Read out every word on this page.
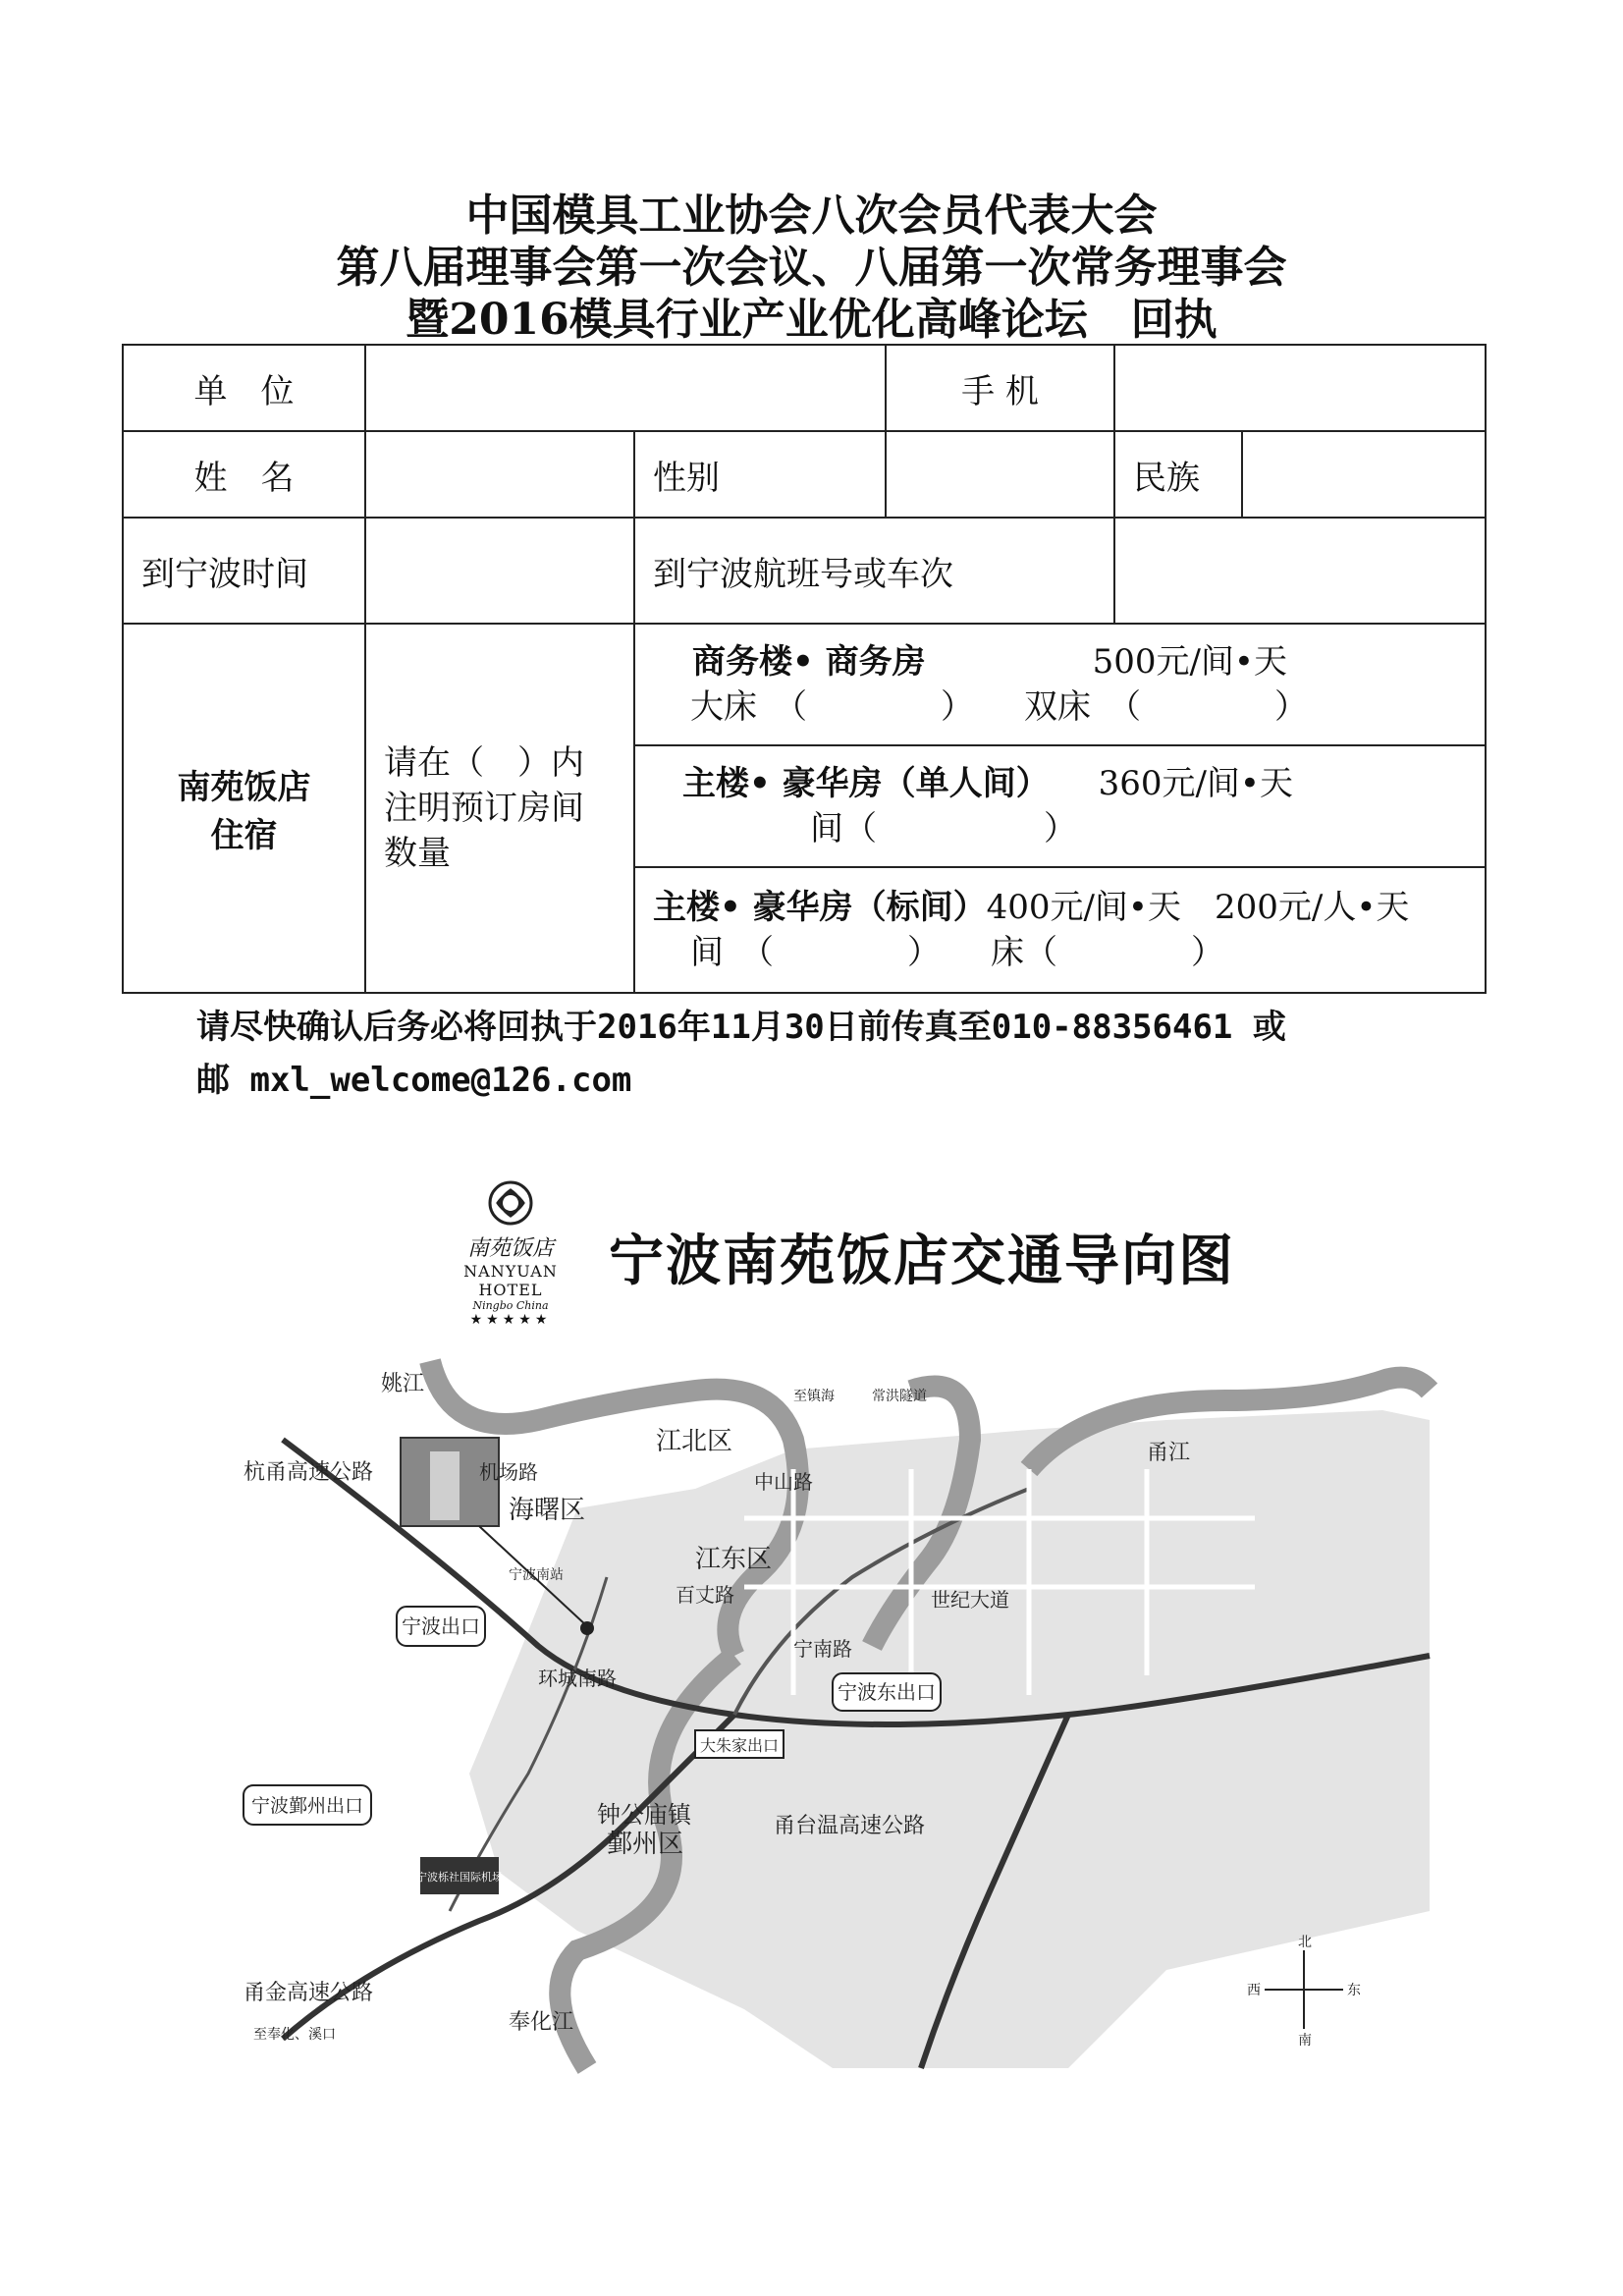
中国模具工业协会八次会员代表大会
第八届理事会第一次会议、八届第一次常务理事会
暨2016模具行业产业优化高峰论坛　回执
单　位			手 机		
姓　名		性别		民族	
到宁波时间		到宁波航班号或车次			
南苑饭店住宿	请在（　）内注明预订房间数量	商务楼• 商务房 500元/间•天
大床　（　　　　）　　双床　（　　　　）			

		主楼• 豪华房（单人间） 360元/间•天
间（　　　　　）			

		主楼• 豪华房（标间）400元/间•天　200元/人•天
间　（　　　　）　　床（　　　　）			
请尽快确认后务必将回执于2016年11月30日前传真至010-88356461 或
邮 mxl_welcome@126.com
南苑饭店
NANYUAN HOTEL
Ningbo China
★★★★★
宁波南苑饭店交通导向图
宁波出口
宁波鄞州出口
宁波东出口
大朱家出口
宁波栎社国际机场
宁波南站
江北区
海曙区
江东区
鄞州区
钟公庙镇
杭甬高速公路
甬台温高速公路
甬金高速公路
机场路	中山路
百丈路
宁南路
世纪大道
环城南路
姚江
奉化江
甬江
常洪隧道
至镇海
至奉化、溪口
北
南
东
西
